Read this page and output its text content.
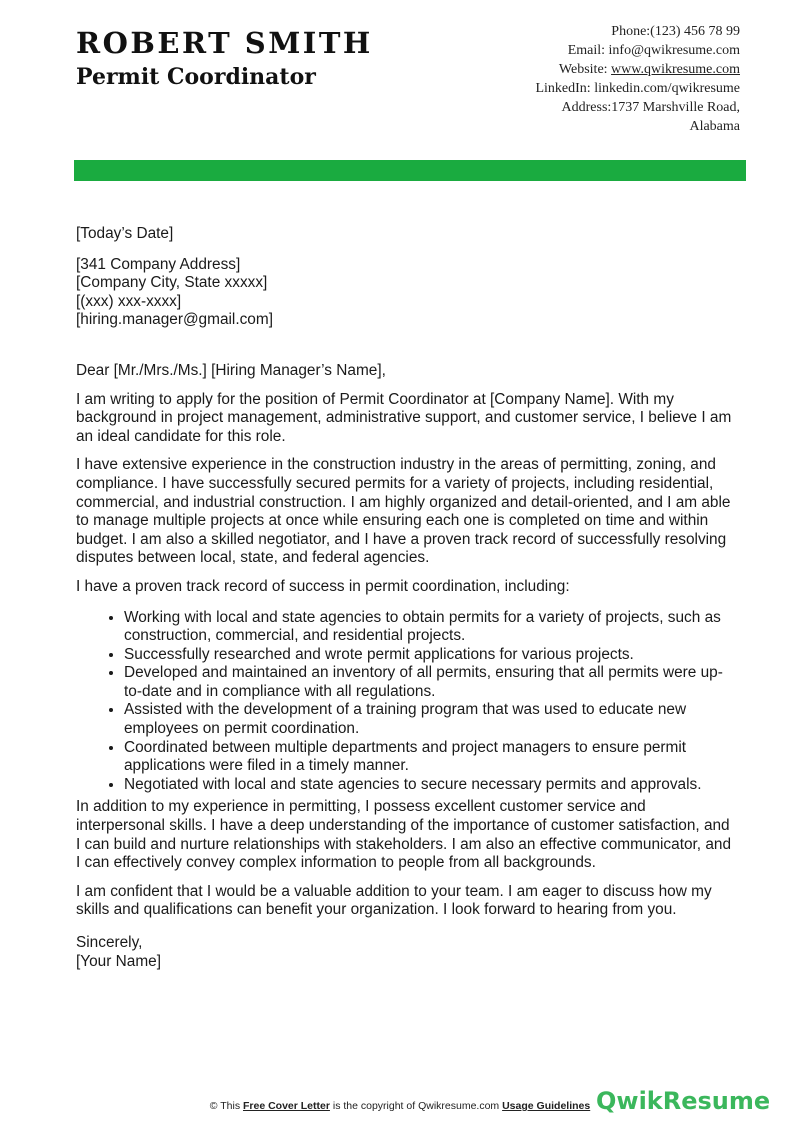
ROBERT SMITH
Permit Coordinator
Phone:(123) 456 78 99
Email: info@qwikresume.com
Website: www.qwikresume.com
LinkedIn: linkedin.com/qwikresume
Address:1737 Marshville Road,
Alabama

[Today’s Date]

[341 Company Address]
[Company City, State xxxxx]
[(xxx) xxx-xxxx]
[hiring.manager@gmail.com]

Dear [Mr./Mrs./Ms.] [Hiring Manager’s Name],

I am writing to apply for the position of Permit Coordinator at [Company Name]. With my background in project management, administrative support, and customer service, I believe I am an ideal candidate for this role.

I have extensive experience in the construction industry in the areas of permitting, zoning, and compliance. I have successfully secured permits for a variety of projects, including residential, commercial, and industrial construction. I am highly organized and detail-oriented, and I am able to manage multiple projects at once while ensuring each one is completed on time and within budget. I am also a skilled negotiator, and I have a proven track record of successfully resolving disputes between local, state, and federal agencies.

I have a proven track record of success in permit coordination, including:

• Working with local and state agencies to obtain permits for a variety of projects, such as construction, commercial, and residential projects.
• Successfully researched and wrote permit applications for various projects.
• Developed and maintained an inventory of all permits, ensuring that all permits were up-to-date and in compliance with all regulations.
• Assisted with the development of a training program that was used to educate new employees on permit coordination.
• Coordinated between multiple departments and project managers to ensure permit applications were filed in a timely manner.
• Negotiated with local and state agencies to secure necessary permits and approvals.

In addition to my experience in permitting, I possess excellent customer service and interpersonal skills. I have a deep understanding of the importance of customer satisfaction, and I can build and nurture relationships with stakeholders. I am also an effective communicator, and I can effectively convey complex information to people from all backgrounds.

I am confident that I would be a valuable addition to your team. I am eager to discuss how my skills and qualifications can benefit your organization. I look forward to hearing from you.

Sincerely,
[Your Name]

QwikResume
© This Free Cover Letter is the copyright of Qwikresume.com Usage Guidelines
